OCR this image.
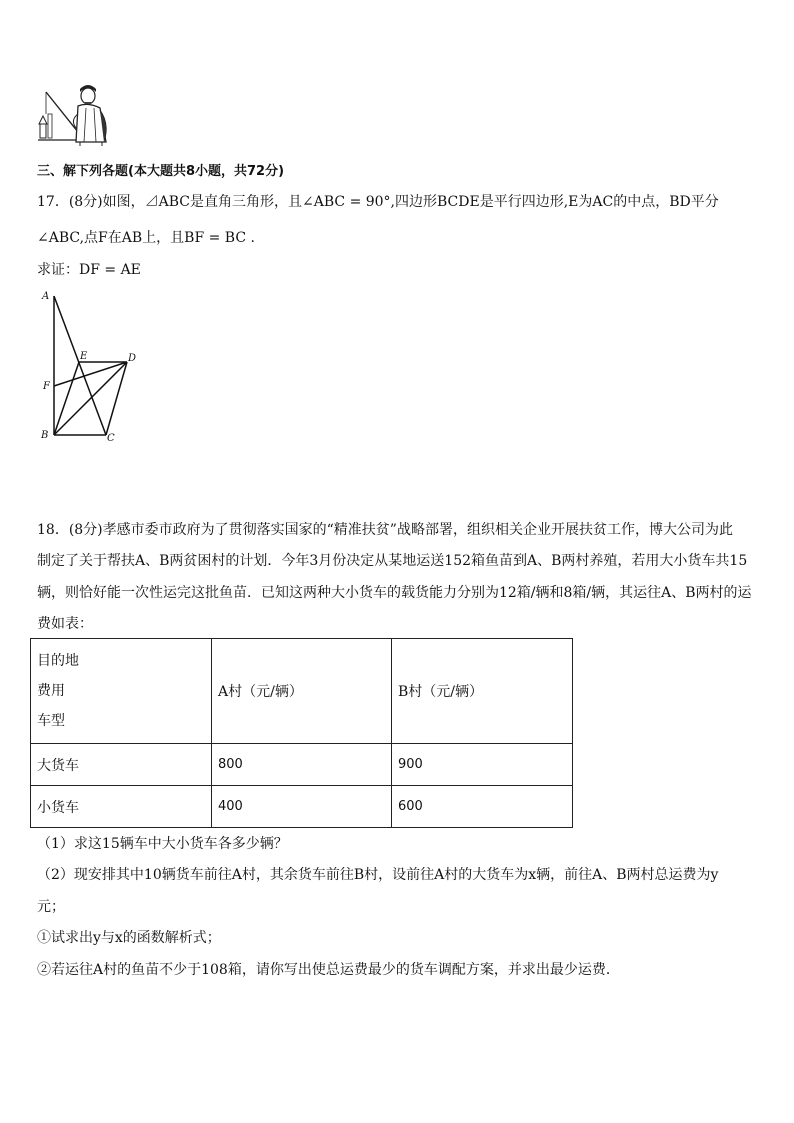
三、解下列各题(本大题共8小题，共72分)
17．(8分)如图，⊿ABC是直角三角形，且∠ABC = 90°,四边形BCDE是平行四边形,E为AC的中点，BD平分
∠ABC,点F在AB上，且BF = BC .
求证：DF = AE
A
E	D
F
B	C
18．(8分)孝感市委市政府为了贯彻落实国家的“精准扶贫”战略部署，组织相关企业开展扶贫工作，博大公司为此
制定了关于帮扶A、B两贫困村的计划．今年3月份决定从某地运送152箱鱼苗到A、B两村养殖，若用大小货车共15
辆，则恰好能一次性运完这批鱼苗．已知这两种大小货车的载货能力分别为12箱/辆和8箱/辆，其运往A、B两村的运
费如表：
目的地
费用
车型	A村（元/辆）	B村（元/辆）
大货车	800	900
小货车	400	600
（1）求这15辆车中大小货车各多少辆？
（2）现安排其中10辆货车前往A村，其余货车前往B村，设前往A村的大货车为x辆，前往A、B两村总运费为y
元；
①试求出y与x的函数解析式；
②若运往A村的鱼苗不少于108箱，请你写出使总运费最少的货车调配方案，并求出最少运费．
